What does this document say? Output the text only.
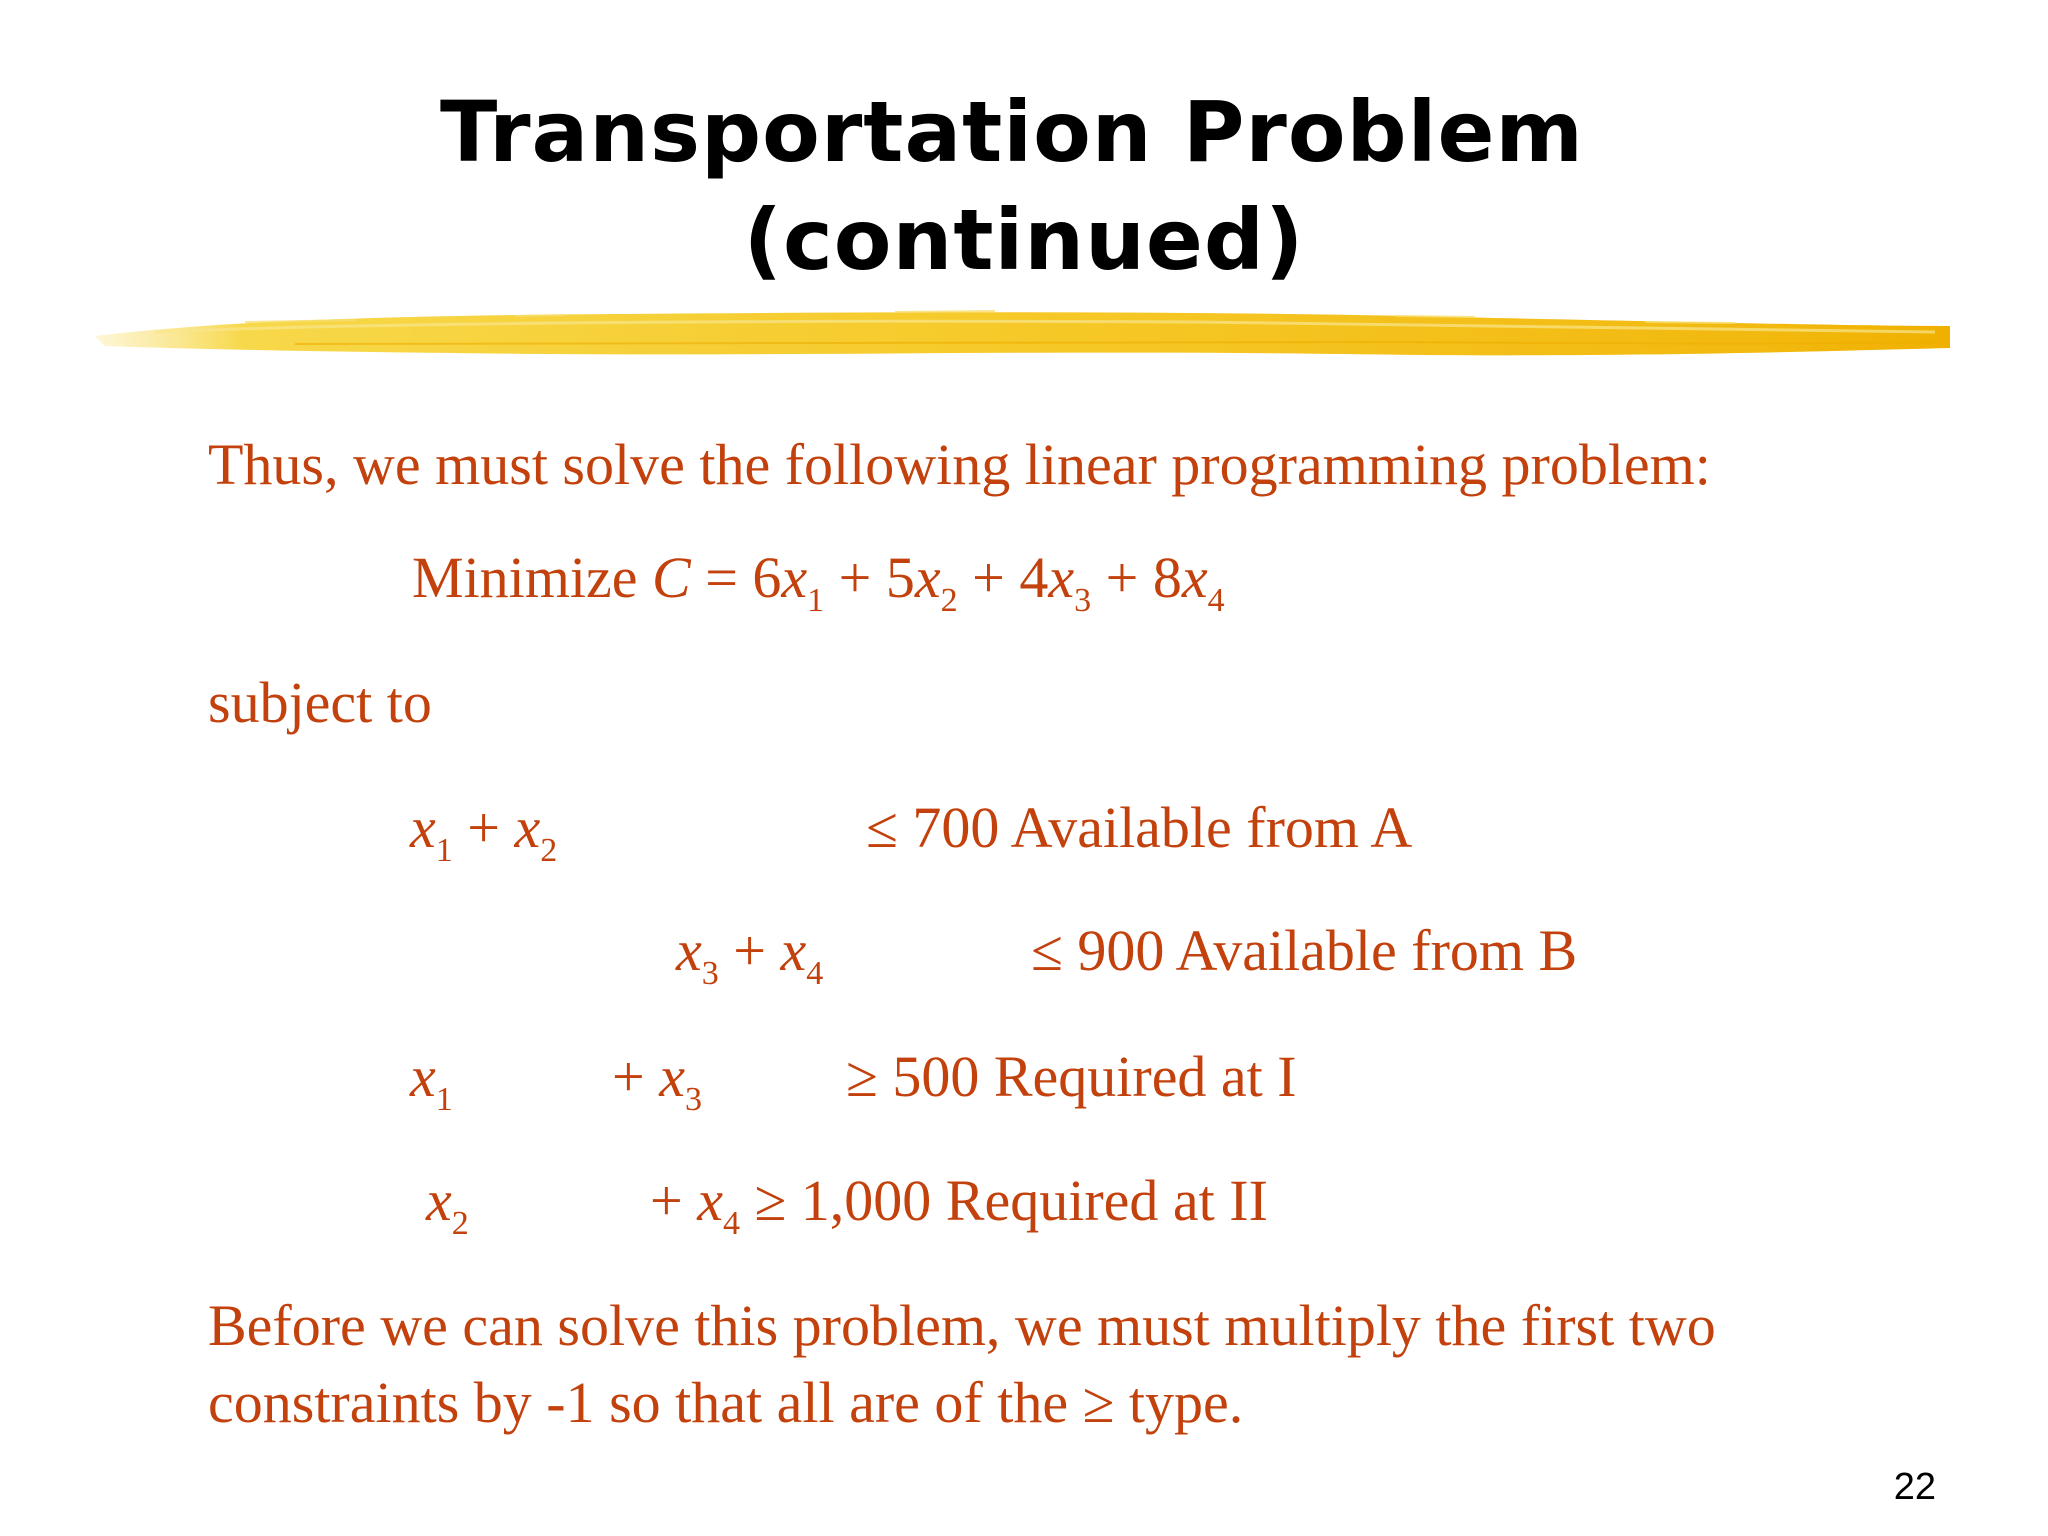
Transportation Problem
(continued)
Thus, we must solve the following linear programming problem:
Minimize $C = 6x_1 + 5x_2 + 4x_3 + 8x_4$
subject to
$x_1 + x_2$	≤ 700 Available from A
$x_3 + x_4$	≤ 900 Available from B
$x_1$	+ $x_3 \ge 500$ Required at I
$x_2$	+ $x_4 \ge 1,000$ Required at II
Before we can solve this problem, we must multiply the first two
constraints by -1 so that all are of the ≥ type.
22
